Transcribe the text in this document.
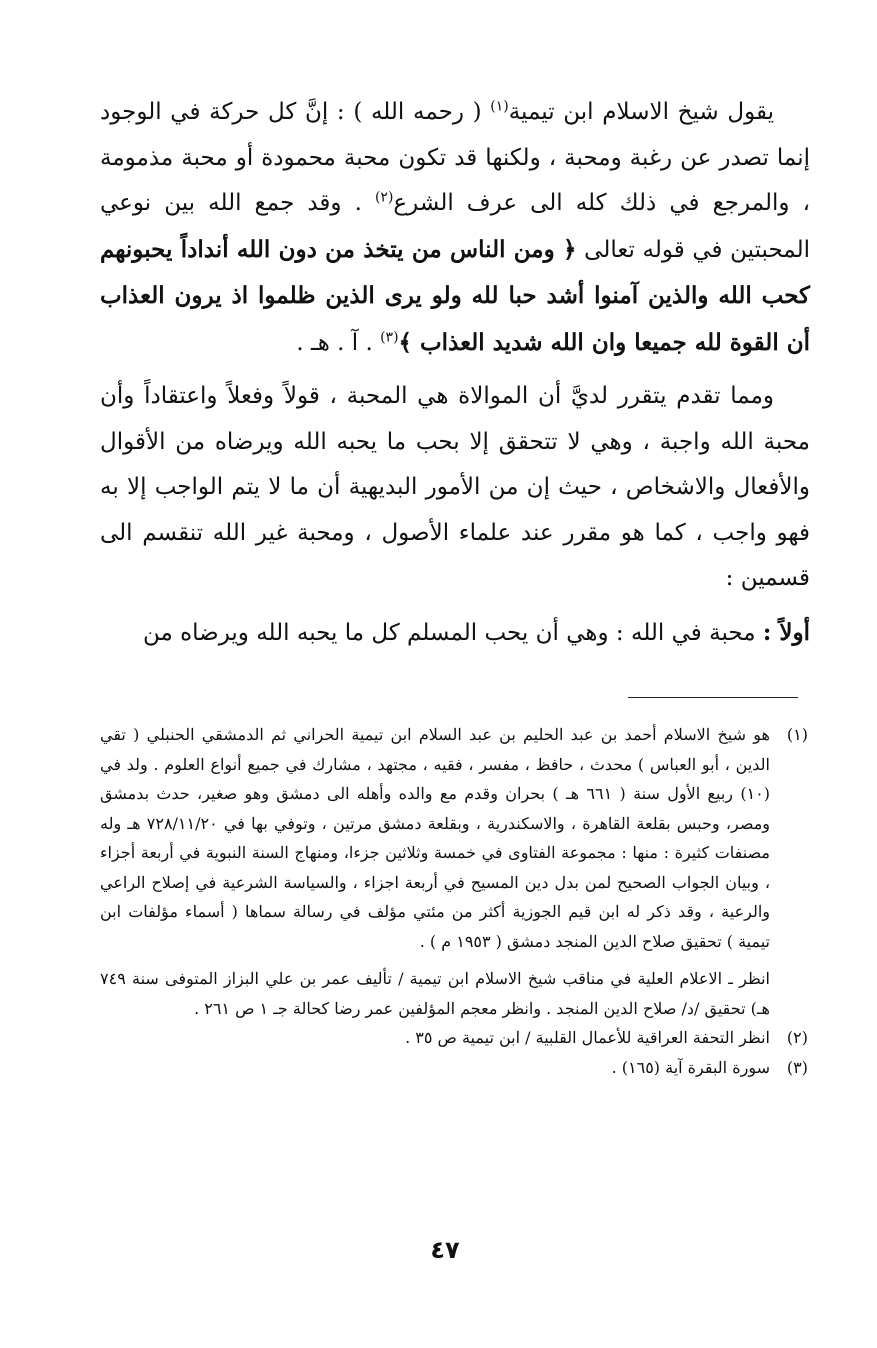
يقول شيخ الاسلام ابن تيمية$^{(١)}$ ( رحمه الله ) : إنَّ كل حركة في الوجود إنما تصدر عن رغبة ومحبة ، ولكنها قد تكون محبة محمودة أو محبة مذمومة ، والمرجع في ذلك كله الى عرف الشرع$^{(٢)}$ . وقد جمع الله بين نوعي المحبتين في قوله تعالى ﴿ ومن الناس من يتخذ من دون الله أنداداً يحبونهم كحب الله والذين آمنوا أشد حبا لله ولو يرى الذين ظلموا اذ يرون العذاب أن القوة لله جميعا وان الله شديد العذاب ﴾$^{(٣)}$ . آ . هـ .

ومما تقدم يتقرر لديَّ أن الموالاة هي المحبة ، قولاً وفعلاً واعتقاداً وأن محبة الله واجبة ، وهي لا تتحقق إلا بحب ما يحبه الله ويرضاه من الأقوال والأفعال والاشخاص ، حيث إن من الأمور البديهية أن ما لا يتم الواجب إلا به فهو واجب ، كما هو مقرر عند علماء الأصول ، ومحبة غير الله تنقسم الى قسمين :

أولاً : محبة في الله : وهي أن يحب المسلم كل ما يحبه الله ويرضاه من

(١)
هو شيخ الاسلام أحمد بن عبد الحليم بن عبد السلام ابن تيمية الحراني ثم الدمشقي الحنبلي ( تقي الدين ، أبو العباس ) محدث ، حافظ ، مفسر ، فقيه ، مجتهد ، مشارك في جميع أنواع العلوم . ولد في (١٠) ربيع الأول سنة ( ٦٦١ هـ ) بحران وقدم مع والده وأهله الى دمشق وهو صغير، حدث بدمشق ومصر، وحبس بقلعة القاهرة ، والاسكندرية ، وبقلعة دمشق مرتين ، وتوفي بها في ٧٢٨/١١/٢٠ هـ وله مصنفات كثيرة : منها : مجموعة الفتاوى في خمسة وثلاثين جزءا، ومنهاج السنة النبوية في أربعة أجزاء ، وبيان الجواب الصحيح لمن بدل دين المسيح في أربعة اجزاء ، والسياسة الشرعية في إصلاح الراعي والرعية ، وقد ذكر له ابن قيم الجوزية أكثر من مئتي مؤلف في رسالة سماها ( أسماء مؤلفات ابن تيمية ) تحقيق صلاح الدين المنجد دمشق ( ١٩٥٣ م ) .
انظر ـ الاعلام العلية في مناقب شيخ الاسلام ابن تيمية / تأليف عمر بن علي البزاز المتوفى سنة ٧٤٩ هـ) تحقيق /د/ صلاح الدين المنجد . وانظر معجم المؤلفين عمر رضا كحالة جـ ١ ص ٢٦١ .
(٢)
انظر التحفة العراقية للأعمال القلبية / ابن تيمية ص ٣٥ .
(٣)
سورة البقرة آية (١٦٥) .
٤٧
